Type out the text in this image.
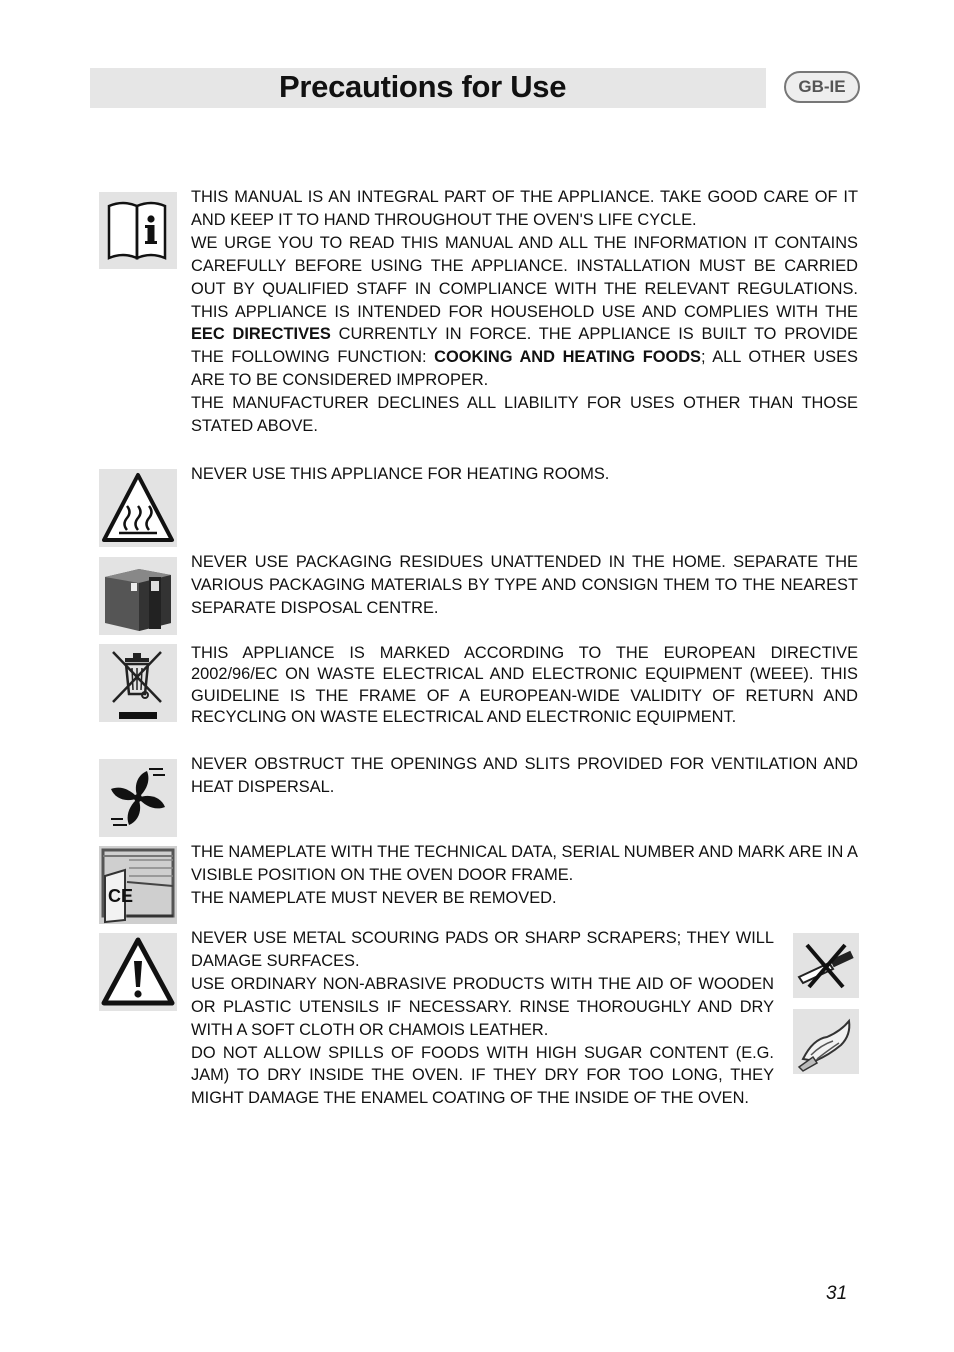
Precautions for Use	GB-IE

THIS MANUAL IS AN INTEGRAL PART OF THE APPLIANCE. TAKE GOOD CARE OF IT AND KEEP IT TO HAND THROUGHOUT THE OVEN'S LIFE CYCLE.

WE URGE YOU TO READ THIS MANUAL AND ALL THE INFORMATION IT CONTAINS CAREFULLY BEFORE USING THE APPLIANCE. INSTALLATION MUST BE CARRIED OUT BY QUALIFIED STAFF IN COMPLIANCE WITH THE RELEVANT REGULATIONS. THIS APPLIANCE IS INTENDED FOR HOUSEHOLD USE AND COMPLIES WITH THE EEC DIRECTIVES CURRENTLY IN FORCE. THE APPLIANCE IS BUILT TO PROVIDE THE FOLLOWING FUNCTION: COOKING AND HEATING FOODS; ALL OTHER USES ARE TO BE CONSIDERED IMPROPER.

THE MANUFACTURER DECLINES ALL LIABILITY FOR USES OTHER THAN THOSE STATED ABOVE.

NEVER USE THIS APPLIANCE FOR HEATING ROOMS.

NEVER USE PACKAGING RESIDUES UNATTENDED IN THE HOME. SEPARATE THE VARIOUS PACKAGING MATERIALS BY TYPE AND CONSIGN THEM TO THE NEAREST SEPARATE DISPOSAL CENTRE.

THIS APPLIANCE IS MARKED ACCORDING TO THE EUROPEAN DIRECTIVE 2002/96/EC ON WASTE ELECTRICAL AND ELECTRONIC EQUIPMENT (WEEE). THIS GUIDELINE IS THE FRAME OF A EUROPEAN-WIDE VALIDITY OF RETURN AND RECYCLING ON WASTE ELECTRICAL AND ELECTRONIC EQUIPMENT.

NEVER OBSTRUCT THE OPENINGS AND SLITS PROVIDED FOR VENTILATION AND HEAT DISPERSAL.

CE

THE NAMEPLATE WITH THE TECHNICAL DATA, SERIAL NUMBER AND MARK ARE IN A VISIBLE POSITION ON THE OVEN DOOR FRAME.

THE NAMEPLATE MUST NEVER BE REMOVED.

NEVER USE METAL SCOURING PADS OR SHARP SCRAPERS; THEY WILL DAMAGE SURFACES.

USE ORDINARY NON-ABRASIVE PRODUCTS WITH THE AID OF WOODEN OR PLASTIC UTENSILS IF NECESSARY. RINSE THOROUGHLY AND DRY WITH A SOFT CLOTH OR CHAMOIS LEATHER.

DO NOT ALLOW SPILLS OF FOODS WITH HIGH SUGAR CONTENT (E.G. JAM) TO DRY INSIDE THE OVEN. IF THEY DRY FOR TOO LONG, THEY MIGHT DAMAGE THE ENAMEL COATING OF THE INSIDE OF THE OVEN.

31
